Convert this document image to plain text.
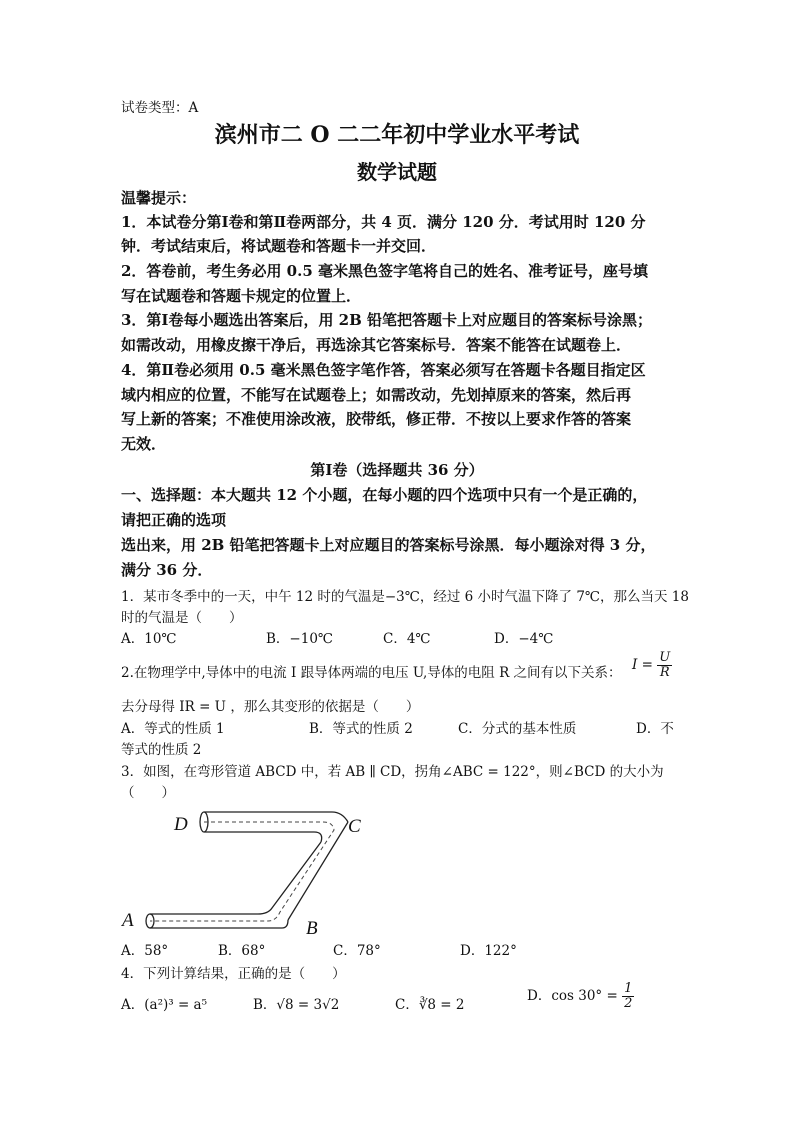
试卷类型：A
滨州市二 O 二二年初中学业水平考试
数学试题
温馨提示：
1．本试卷分第Ⅰ卷和第Ⅱ卷两部分，共 4 页．满分 120 分．考试用时 120 分
钟．考试结束后，将试题卷和答题卡一并交回．
2．答卷前，考生务必用 0.5 毫米黑色签字笔将自己的姓名、准考证号，座号填
写在试题卷和答题卡规定的位置上．
3．第Ⅰ卷每小题选出答案后，用 2B 铅笔把答题卡上对应题目的答案标号涂黑；
如需改动，用橡皮擦干净后，再选涂其它答案标号．答案不能答在试题卷上．
4．第Ⅱ卷必须用 0.5 毫米黑色签字笔作答，答案必须写在答题卡各题目指定区
域内相应的位置，不能写在试题卷上；如需改动，先划掉原来的答案，然后再
写上新的答案；不准使用涂改液，胶带纸，修正带．不按以上要求作答的答案
无效．
第Ⅰ卷（选择题共 36 分）
一、选择题：本大题共 12 个小题，在每小题的四个选项中只有一个是正确的，
请把正确的选项
选出来，用 2B 铅笔把答题卡上对应题目的答案标号涂黑．每小题涂对得 3 分，
满分 36 分．
1．某市冬季中的一天，中午 12 时的气温是−3℃，经过 6 小时气温下降了 7℃，那么当天 18
时的气温是（　　）
A．10℃	B．−10℃	C．4℃	D．−4℃
2.在物理学中,导体中的电流 I 跟导体两端的电压 U,导体的电阻 R 之间有以下关系： $I = \frac{U}{R}$
去分母得 IR = U ，那么其变形的依据是（　　）
A．等式的性质 1	B．等式的性质 2	C．分式的基本性质	D．不
等式的性质 2
3．如图，在弯形管道 ABCD 中，若 AB ∥ CD，拐角∠ABC = 122°，则∠BCD 的大小为
（　　）
D	C
A	B
A．58°	B．68°	C．78°	D．122°
4．下列计算结果，正确的是（　　）
A．(a²)³ = a⁵	B．√8 = 3√2	C．∛8 = 2
D．$\cos 30^\circ = \frac{1}{2}$
